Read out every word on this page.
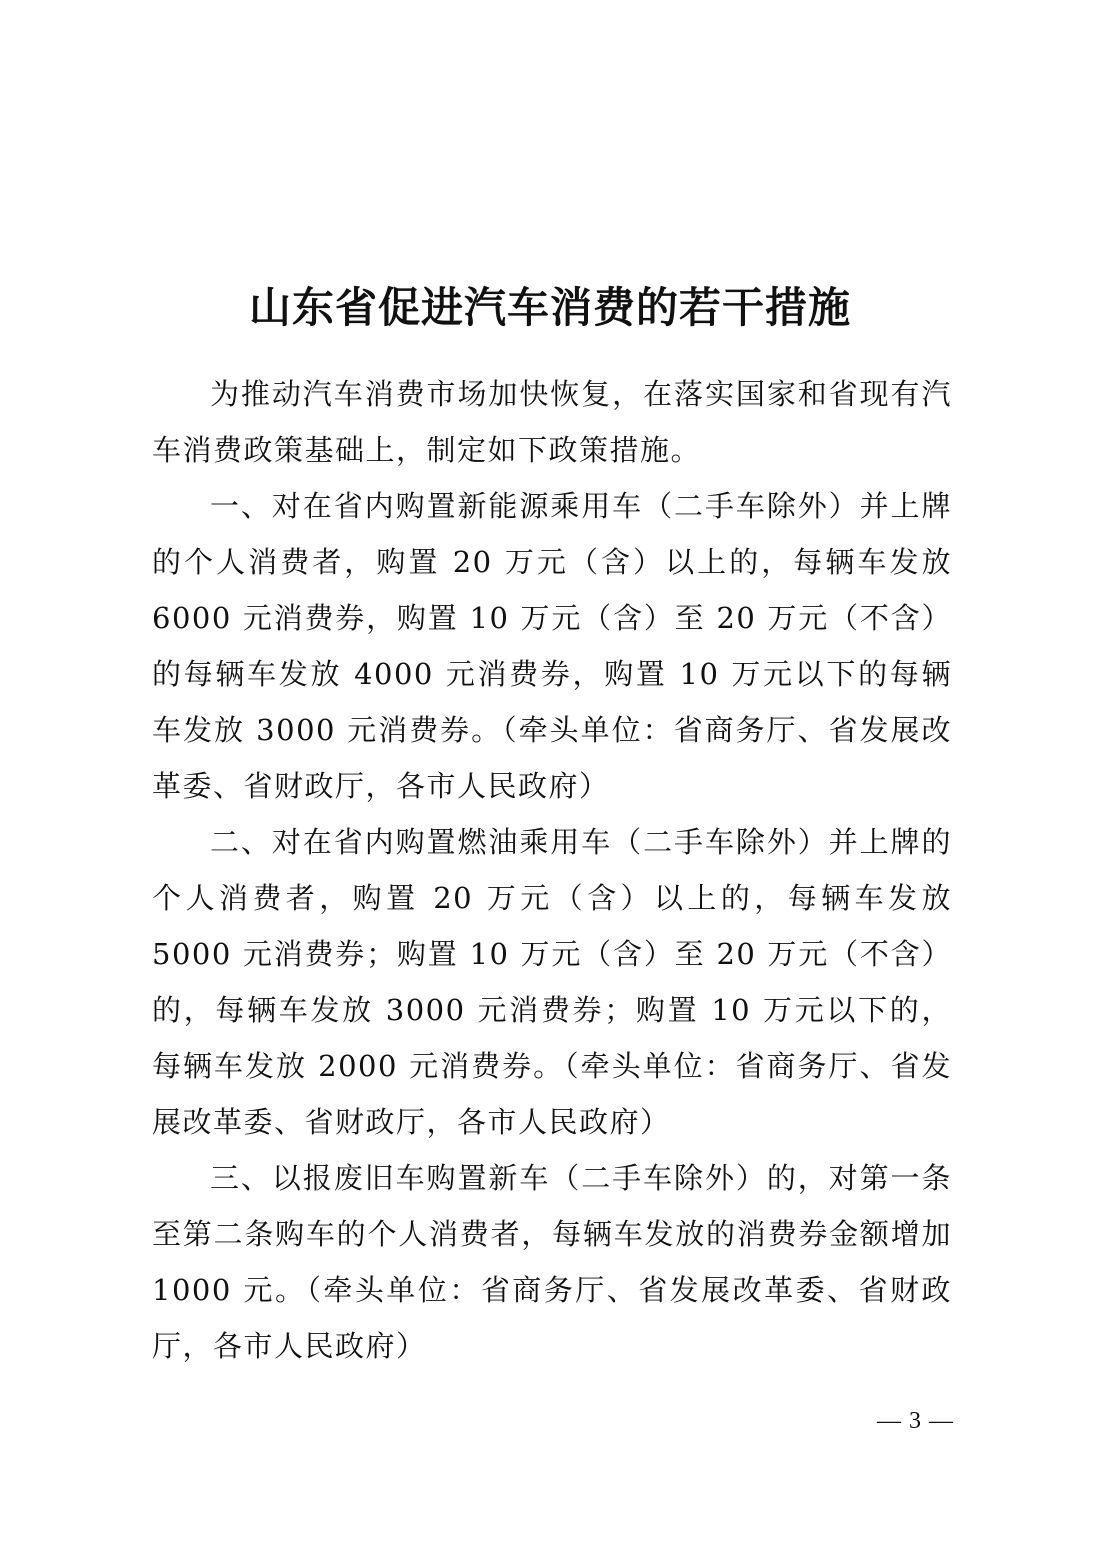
山东省促进汽车消费的若干措施

为推动汽车消费市场加快恢复，在落实国家和省现有汽车消费政策基础上，制定如下政策措施。

一、对在省内购置新能源乘用车（二手车除外）并上牌的个人消费者，购置 20 万元（含）以上的，每辆车发放 6000 元消费券，购置 10 万元（含）至 20 万元（不含）的每辆车发放 4000 元消费券，购置 10 万元以下的每辆车发放 3000 元消费券。（牵头单位：省商务厅、省发展改革委、省财政厅，各市人民政府）

二、对在省内购置燃油乘用车（二手车除外）并上牌的个人消费者，购置 20 万元（含）以上的，每辆车发放 5000 元消费券；购置 10 万元（含）至 20 万元（不含）的，每辆车发放 3000 元消费券；购置 10 万元以下的，每辆车发放 2000 元消费券。（牵头单位：省商务厅、省发展改革委、省财政厅，各市人民政府）

三、以报废旧车购置新车（二手车除外）的，对第一条至第二条购车的个人消费者，每辆车发放的消费券金额增加 1000 元。（牵头单位：省商务厅、省发展改革委、省财政厅，各市人民政府）

— 3 —
